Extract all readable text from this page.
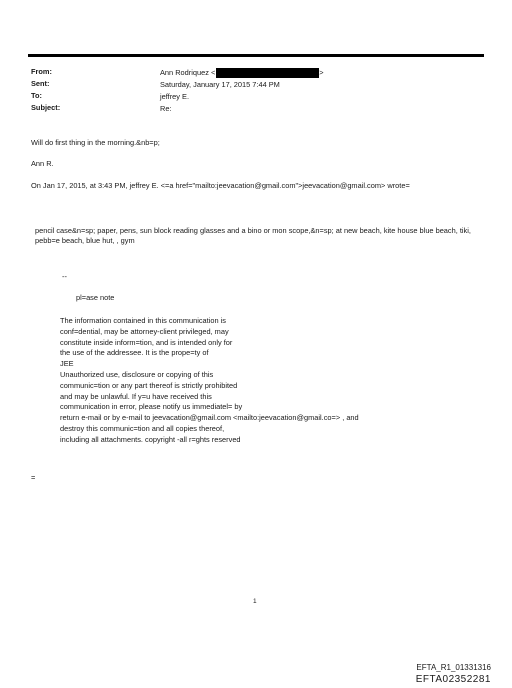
From:	Ann Rodriquez <	>
Sent:	Saturday, January 17, 2015 7:44 PM
To:	jeffrey E.
Subject:	Re:
Will do first thing in the morning.&nb=p;
Ann R.
On Jan 17, 2015, at 3:43 PM, jeffrey E. <=a href="mailto:jeevacation@gmail.com">jeevacation@gmail.com> wrote=
pencil case&n=sp; paper, pens, sun block reading glasses and a bino or mon scope,&n=sp; at new beach, kite house blue beach, tiki, pebb=e beach, blue hut, , gym
--
pl=ase note
The information contained in this communication is
conf=dential, may be attorney-client privileged, may
constitute inside inform=tion, and is intended only for
the use of the addressee. It is the prope=ty of
JEE
Unauthorized use, disclosure or copying of this
communic=tion or any part thereof is strictly prohibited
and may be unlawful. If y=u have received this
communication in error, please notify us immediatel= by
return e-mail or by e-mail to jeevacation@gmail.com <mailto:jeevacation@gmail.co=> , and
destroy this communic=tion and all copies thereof,
including all attachments. copyright -all r=ghts reserved
=
1
EFTA_R1_01331316
EFTA02352281
